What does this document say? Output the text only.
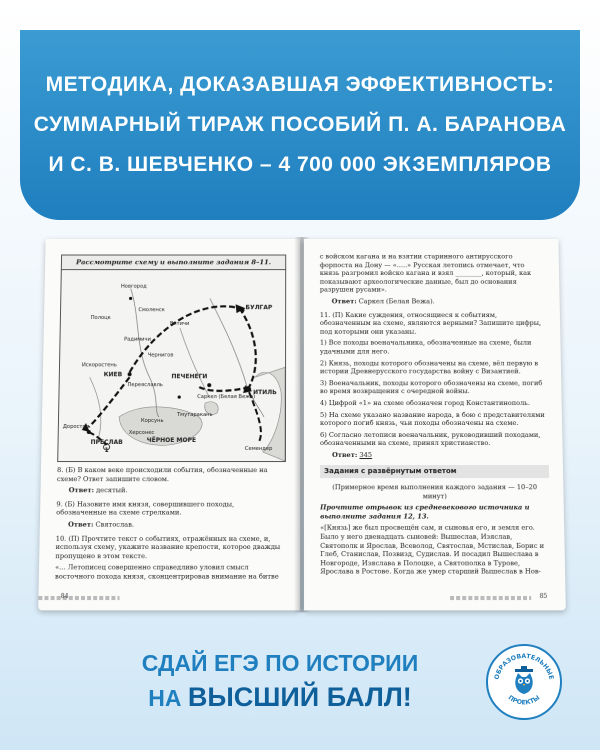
МЕТОДИКА, ДОКАЗАВШАЯ ЭФФЕКТИВНОСТЬ:
СУММАРНЫЙ ТИРАЖ ПОСОБИЙ П. А. БАРАНОВА
И С. В. ШЕВЧЕНКО – 4 700 000 ЭКЗЕМПЛЯРОВ
Рассмотрите схему и выполните задания 8–11.
Новгород
Полоцк
Смоленск
Вятичи
Радимичи
БУЛГАР
Чернигов
Искоростень
КИЕВ
Переяславль
ПЕЧЕНЕГИ
Саркел (Белая Вежа)
ИТИЛЬ
Тмутаракань
Корсунь
Херсонес
ЧЁРНОЕ МОРЕ
Доростол
ПРЕСЛАВ
Семендер
1

8. (Б) В каком веке происходили события, обозначенные на схеме? Ответ запишите словом.

Ответ: десятый.

9. (Б) Назовите имя князя, совершившего походы, обозначенные на схеме стрелками.

Ответ: Святослав.

10. (П) Прочтите текст о событиях, отражённых на схеме, и, используя схему, укажите название крепости, которое дважды пропущено в этом тексте.

«... Летописец совершенно справедливо уловил смысл восточного похода князя, сконцентрировав внимание на битве

84

с войском кагана и на взятии старинного антирусского форпоста на Дону — «.....» Русская летопись отмечает, что князь разгромил войско кагана и взял ________, который, как показывают археологические данные, был до основания разрушен русами».

Ответ: Саркел (Белая Вежа).

11. (П) Какие суждения, относящиеся к событиям, обозначенным на схеме, являются верными? Запишите цифры, под которыми они указаны.

1) Все походы военачальника, обозначенные на схеме, были удачными для него.

2) Князь, походы которого обозначены на схеме, вёл первую в истории Древнерусского государства войну с Византией.

3) Военачальник, походы которого обозначены на схеме, погиб во время возвращения с очередной войны.

4) Цифрой «1» на схеме обозначен город Константинополь.

5) На схеме указано название народа, в бою с представителями которого погиб князь, чьи походы обозначены на схеме.

6) Согласно летописи военачальник, руководивший походами, обозначенными на схеме, принял христианство.

Ответ: 345

Задания с развёрнутым ответом

(Примерное время выполнения каждого задания — 10–20 минут)

Прочтите отрывок из средневекового источника и выполните задания 12, 13.

«[Князь] же был просвещён сам, и сыновья его, и земля его. Было у него двенадцать сыновей: Вышеслав, Изяслав, Святополк и Ярослав, Всеволод, Святослав, Мстислав, Борис и Глеб, Станислав, Позвизд, Судислав. И посадил Вышеслава в Новгороде, Изяслава в Полоцке, а Святополка в Турове, Ярослава в Ростове. Когда же умер старший Вышеслав в Нов-

85
СДАЙ ЕГЭ ПО ИСТОРИИ
НА ВЫСШИЙ БАЛЛ!
ОБРАЗОВАТЕЛЬНЫЕ
ПРОЕКТЫ
